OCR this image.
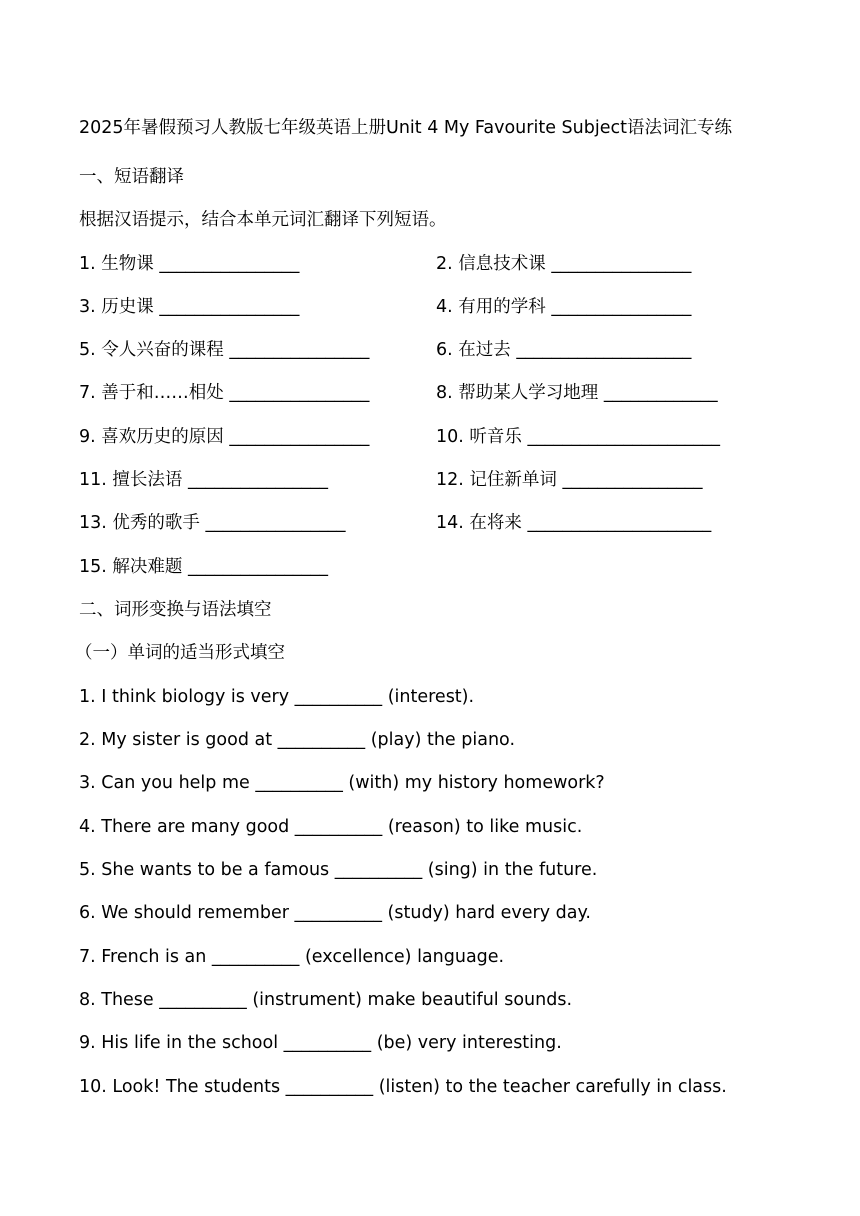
2025年暑假预习人教版七年级英语上册Unit 4 My Favourite Subject语法词汇专练
一、短语翻译
根据汉语提示，结合本单元词汇翻译下列短语。
1. 生物课 ________________	2. 信息技术课 ________________
3. 历史课 ________________	4. 有用的学科 ________________
5. 令人兴奋的课程 ________________	6. 在过去 ____________________
7. 善于和……相处 ________________	8. 帮助某人学习地理 _____________
9. 喜欢历史的原因 ________________	10. 听音乐 ______________________
11. 擅长法语 ________________	12. 记住新单词 ________________
13. 优秀的歌手 ________________	14. 在将来 _____________________
15. 解决难题 ________________
二、词形变换与语法填空
（一）单词的适当形式填空
1. I think biology is very __________ (interest).
2. My sister is good at __________ (play) the piano.
3. Can you help me __________ (with) my history homework?
4. There are many good __________ (reason) to like music.
5. She wants to be a famous __________ (sing) in the future.
6. We should remember __________ (study) hard every day.
7. French is an __________ (excellence) language.
8. These __________ (instrument) make beautiful sounds.
9. His life in the school __________ (be) very interesting.
10. Look! The students __________ (listen) to the teacher carefully in class.
